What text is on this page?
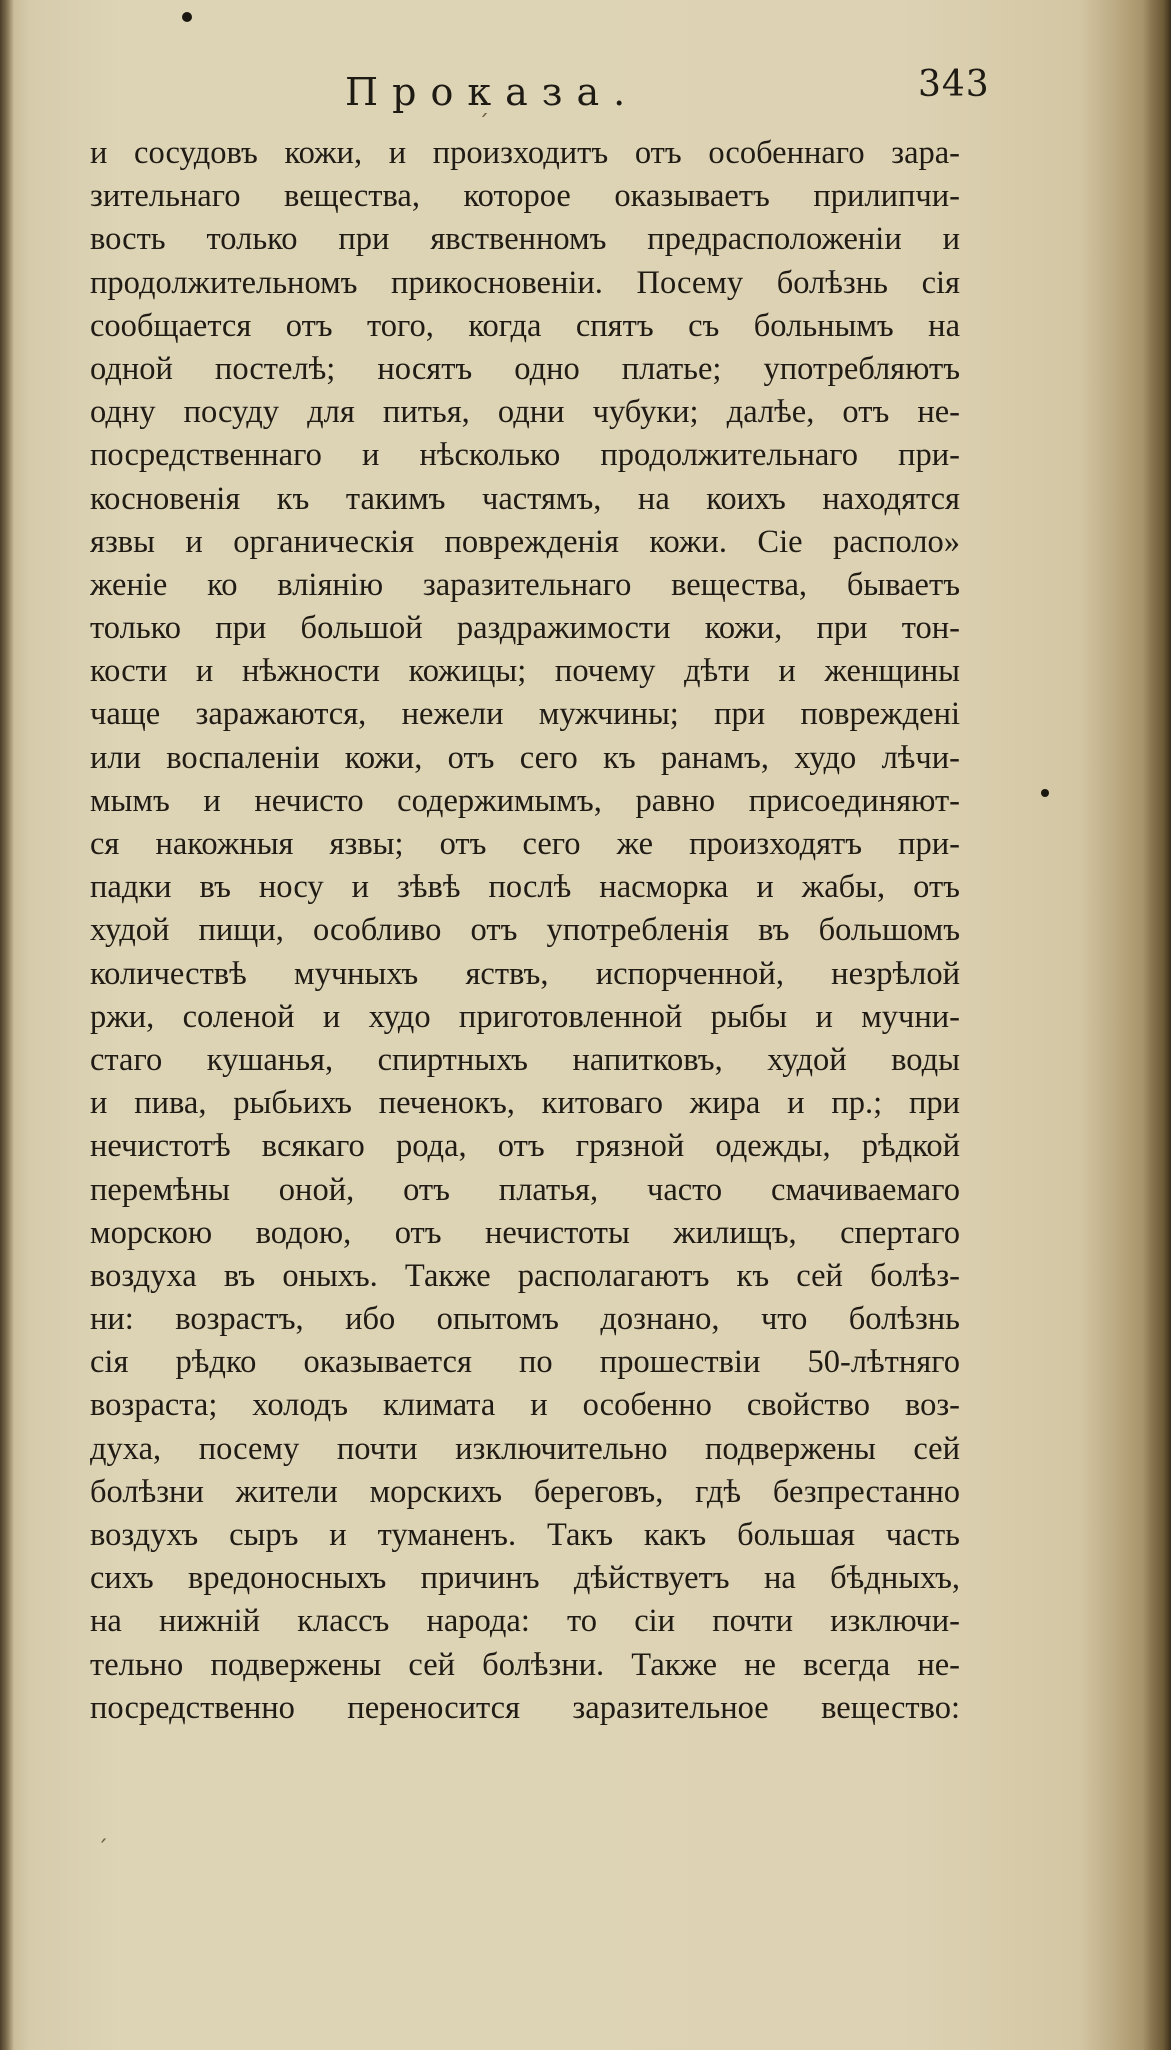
ˊ
ˏ
Проказа.	343
и сосудовъ кожи, и произходитъ отъ особеннаго зара-
зительнаго вещества, которое оказываетъ прилипчи-
вость только при явственномъ предрасположеніи и
продолжительномъ прикосновеніи. Посему болѣзнь сія
сообщается отъ того, когда спятъ съ больнымъ на
одной постелѣ; носятъ одно платье; употребляютъ
одну посуду для питья, одни чубуки; далѣе, отъ не-
посредственнаго и нѣсколько продолжительнаго при-
косновенія къ такимъ частямъ, на коихъ находятся
язвы и органическія поврежденія кожи. Сіе располо»
женіе ко вліянію заразительнаго вещества, бываетъ
только при большой раздражимости кожи, при тон-
кости и нѣжности кожицы; почему дѣти и женщины
чаще заражаются, нежели мужчины; при повреждені
или воспаленіи кожи, отъ сего къ ранамъ, худо лѣчи-
мымъ и нечисто содержимымъ, равно присоединяют-
ся накожныя язвы; отъ сего же произходятъ при-
падки въ носу и зѣвѣ послѣ насморка и жабы, отъ
худой пищи, особливо отъ употребленія въ большомъ
количествѣ мучныхъ яствъ, испорченной, незрѣлой
ржи, соленой и худо приготовленной рыбы и мучни-
стаго кушанья, спиртныхъ напитковъ, худой воды
и пива, рыбьихъ печенокъ, китоваго жира и пр.; при
нечистотѣ всякаго рода, отъ грязной одежды, рѣдкой
перемѣны оной, отъ платья, часто смачиваемаго
морскою водою, отъ нечистоты жилищъ, спертаго
воздуха въ оныхъ. Также располагаютъ къ сей болѣз-
ни: возрастъ, ибо опытомъ дознано, что болѣзнь
сія рѣдко оказывается по прошествіи 50-лѣтняго
возраста; холодъ климата и особенно свойство воз-
духа, посему почти изключительно подвержены сей
болѣзни жители морскихъ береговъ, гдѣ безпрестанно
воздухъ сыръ и туманенъ. Такъ какъ большая часть
сихъ вредоносныхъ причинъ дѣйствуетъ на бѣдныхъ,
на нижній классъ народа: то сіи почти изключи-
тельно подвержены сей болѣзни. Также не всегда не-
посредственно переносится заразительное вещество:
